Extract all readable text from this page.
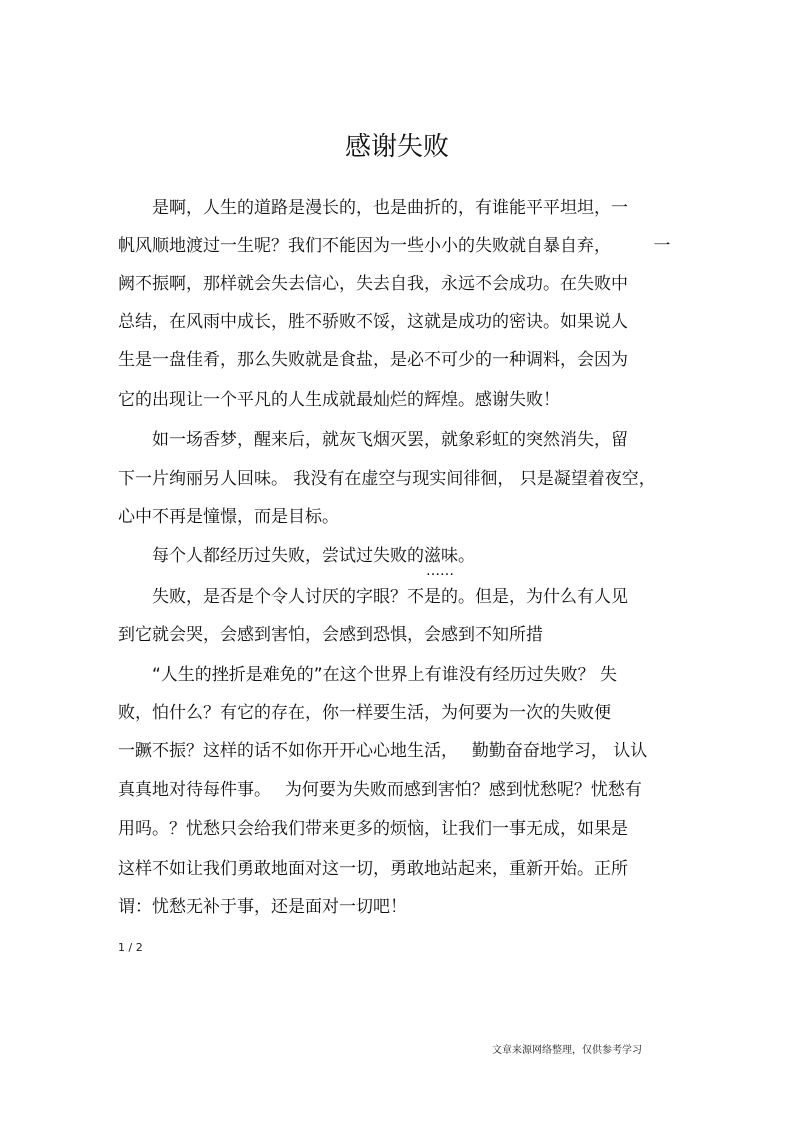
感谢失败
　　是啊，人生的道路是漫长的，也是曲折的，有谁能平平坦坦，一
帆风顺地渡过一生呢？我们不能因为一些小小的失败就自暴自弃，　　　一
阙不振啊，那样就会失去信心，失去自我，永远不会成功。在失败中
总结，在风雨中成长，胜不骄败不馁，这就是成功的密诀。如果说人
生是一盘佳肴，那么失败就是食盐，是必不可少的一种调料，会因为
它的出现让一个平凡的人生成就最灿烂的辉煌。感谢失败！
　　如一场香梦，醒来后，就灰飞烟灭罢，就象彩虹的突然消失，留
下一片绚丽另人回味。 我没有在虚空与现实间徘徊， 只是凝望着夜空，
心中不再是憧憬，而是目标。
　　每个人都经历过失败，尝试过失败的滋味。
　　　　　　　　　　　　　　　　　　　　　　……
　　失败，是否是个令人讨厌的字眼？不是的。但是，为什么有人见
到它就会哭，会感到害怕，会感到恐惧，会感到不知所措
　　“人生的挫折是难免的”在这个世界上有谁没有经历过失败？ 失
败，怕什么？有它的存在，你一样要生活，为何要为一次的失败便
一蹶不振？这样的话不如你开开心心地生活，　 勤勤奋奋地学习， 认认
真真地对待每件事。　 为何要为失败而感到害怕？感到忧愁呢？忧愁有
用吗。？忧愁只会给我们带来更多的烦恼，让我们一事无成，如果是
这样不如让我们勇敢地面对这一切，勇敢地站起来，重新开始。正所
谓：忧愁无补于事，还是面对一切吧！
1 / 2
文章来源网络整理，仅供参考学习
